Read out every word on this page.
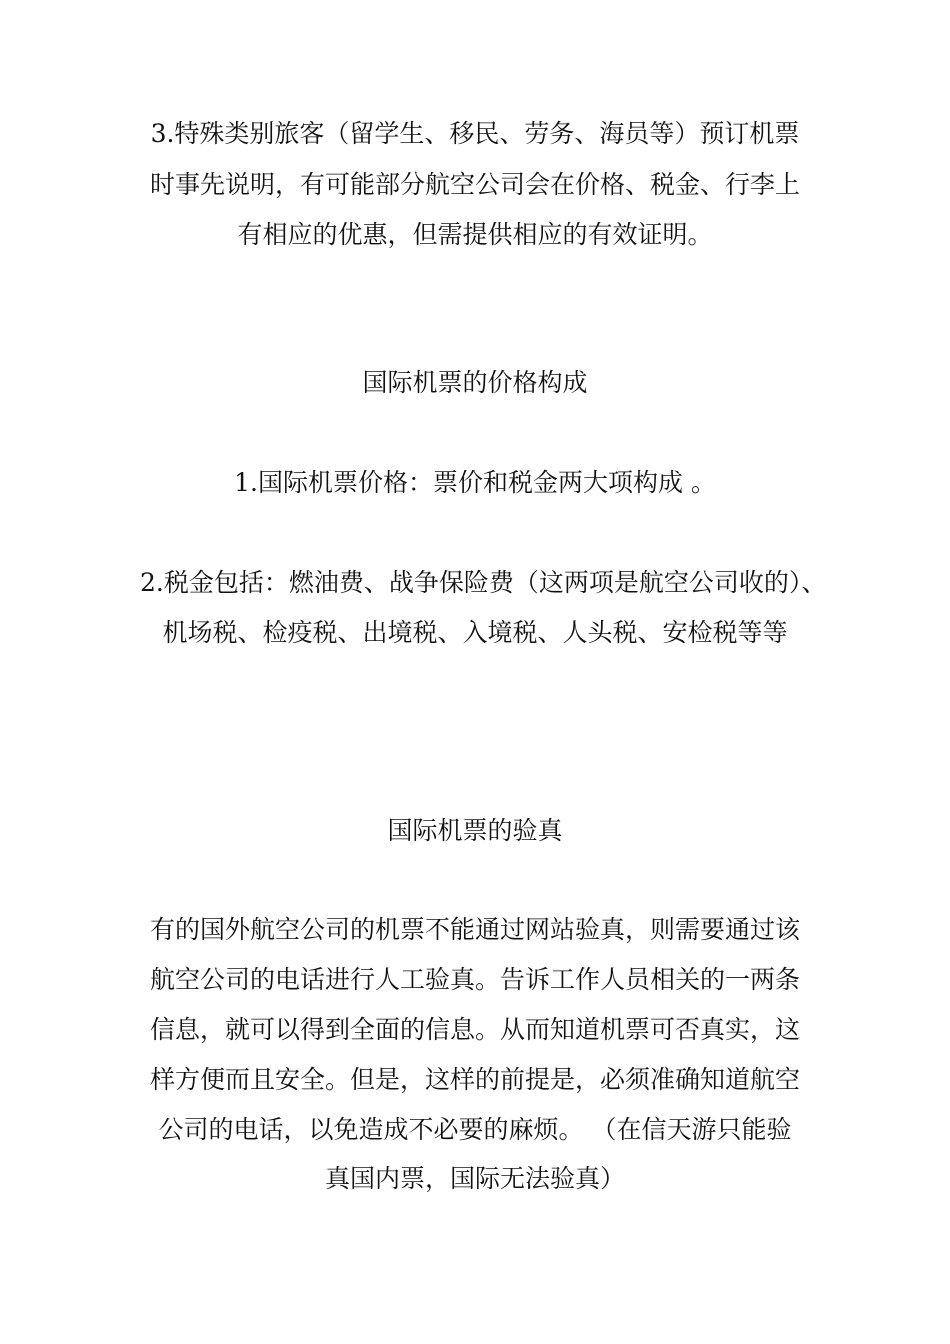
3.特殊类别旅客（留学生、移民、劳务、海员等）预订机票
时事先说明，有可能部分航空公司会在价格、税金、行李上
有相应的优惠，但需提供相应的有效证明。
国际机票的价格构成
1.国际机票价格：票价和税金两大项构成 。
2.税金包括：燃油费、战争保险费（这两项是航空公司收的）、
机场税、检疫税、出境税、入境税、人头税、安检税等等
国际机票的验真
有的国外航空公司的机票不能通过网站验真，则需要通过该
航空公司的电话进行人工验真。告诉工作人员相关的一两条
信息，就可以得到全面的信息。从而知道机票可否真实，这
样方便而且安全。但是，这样的前提是，必须准确知道航空
公司的电话，以免造成不必要的麻烦。 （在信天游只能验
真国内票，国际无法验真）
